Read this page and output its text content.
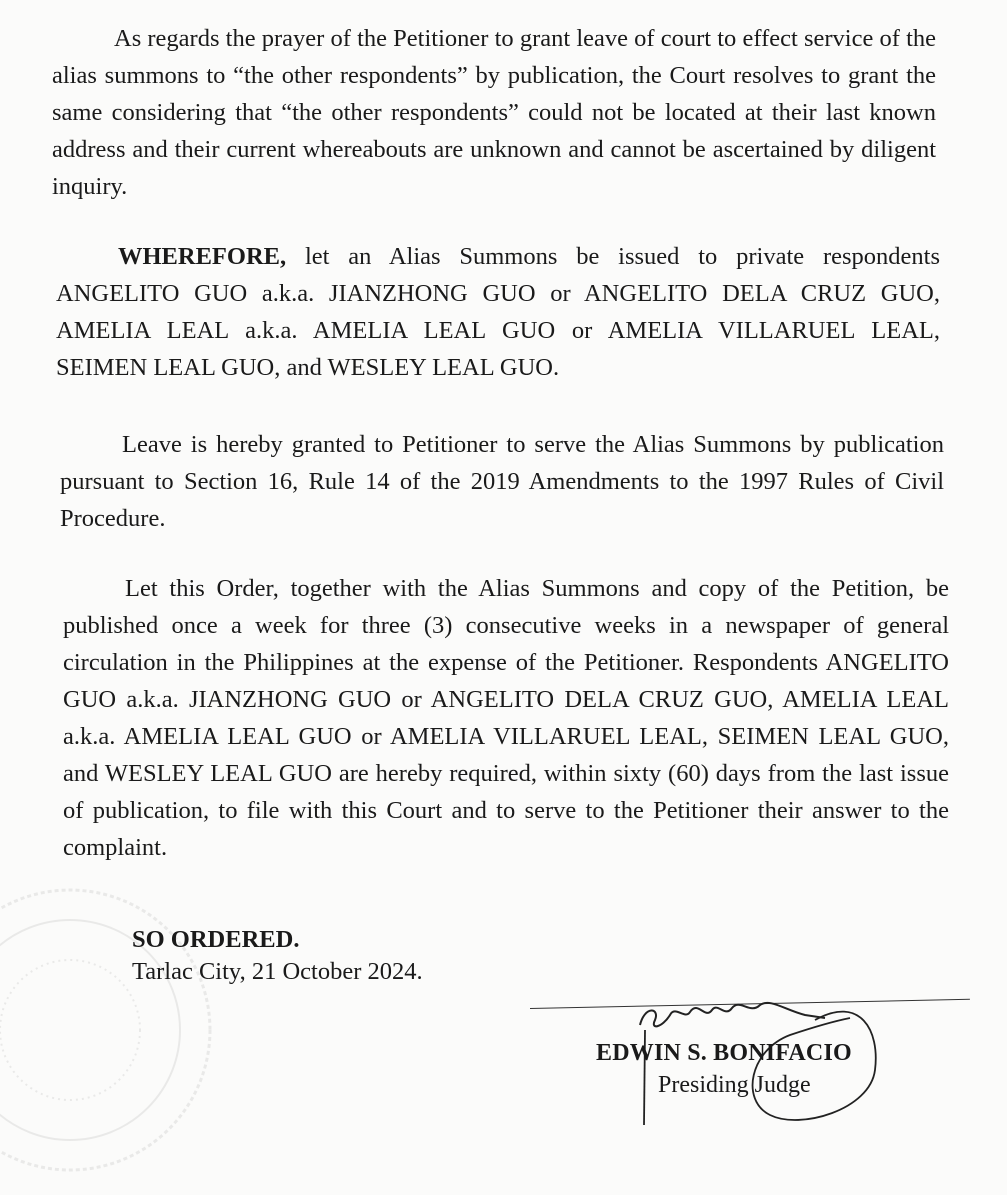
As regards the prayer of the Petitioner to grant leave of court to effect service of the alias summons to “the other respondents” by publication, the Court resolves to grant the same considering that “the other respondents” could not be located at their last known address and their current whereabouts are unknown and cannot be ascertained by diligent inquiry.

WHEREFORE, let an Alias Summons be issued to private respondents ANGELITO GUO a.k.a. JIANZHONG GUO or ANGELITO DELA CRUZ GUO, AMELIA LEAL a.k.a. AMELIA LEAL GUO or AMELIA VILLARUEL LEAL, SEIMEN LEAL GUO, and WESLEY LEAL GUO.

Leave is hereby granted to Petitioner to serve the Alias Summons by publication pursuant to Section 16, Rule 14 of the 2019 Amendments to the 1997 Rules of Civil Procedure.

Let this Order, together with the Alias Summons and copy of the Petition, be published once a week for three (3) consecutive weeks in a newspaper of general circulation in the Philippines at the expense of the Petitioner. Respondents ANGELITO GUO a.k.a. JIANZHONG GUO or ANGELITO DELA CRUZ GUO, AMELIA LEAL a.k.a. AMELIA LEAL GUO or AMELIA VILLARUEL LEAL, SEIMEN LEAL GUO, and WESLEY LEAL GUO are hereby required, within sixty (60) days from the last issue of publication, to file with this Court and to serve to the Petitioner their answer to the complaint.

SO ORDERED.
Tarlac City, 21 October 2024.
EDWIN S. BONIFACIO
Presiding Judge
